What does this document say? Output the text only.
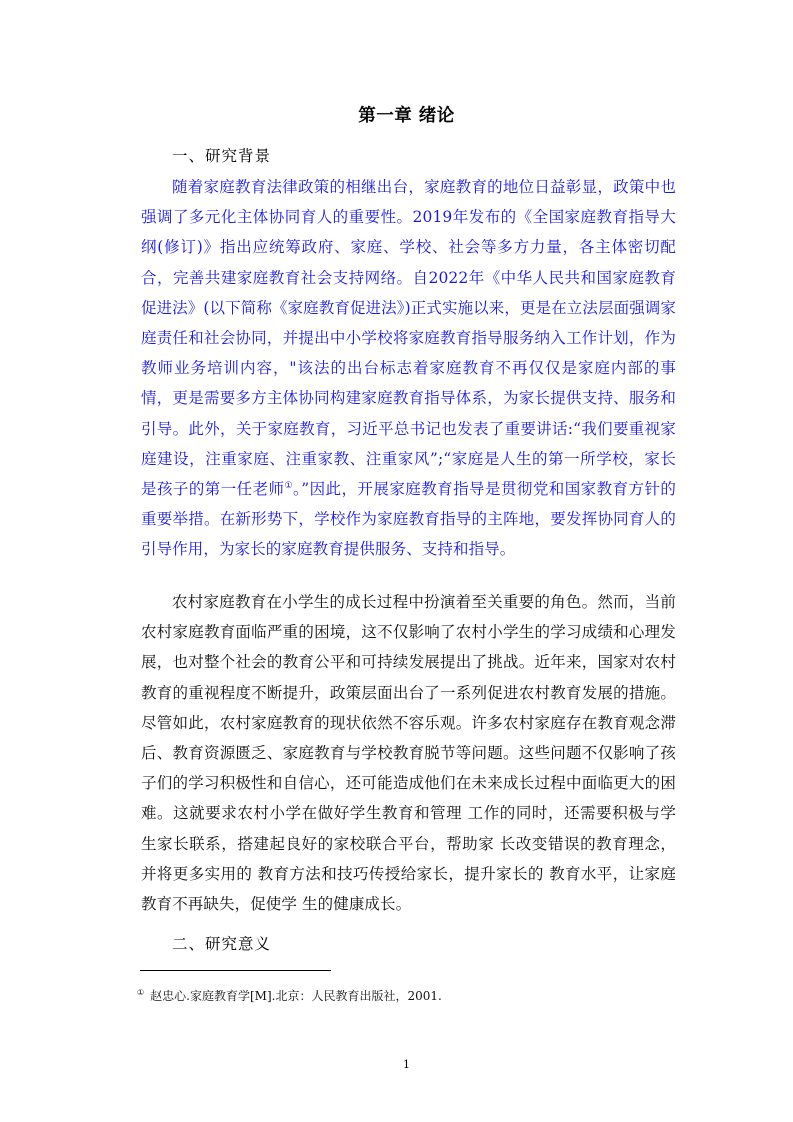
第一章 绪论
一、研究背景

随着家庭教育法律政策的相继出台，家庭教育的地位日益彰显，政策中也强调了多元化主体协同育人的重要性。2019年发布的《全国家庭教育指导大纲(修订)》指出应统筹政府、家庭、学校、社会等多方力量，各主体密切配合，完善共建家庭教育社会支持网络。自2022年《中华人民共和国家庭教育促进法》(以下简称《家庭教育促进法》)正式实施以来，更是在立法层面强调家庭责任和社会协同，并提出中小学校将家庭教育指导服务纳入工作计划，作为教师业务培训内容，"该法的出台标志着家庭教育不再仅仅是家庭内部的事情，更是需要多方主体协同构建家庭教育指导体系，为家长提供支持、服务和引导。此外，关于家庭教育，习近平总书记也发表了重要讲话:“我们要重视家庭建设，注重家庭、注重家教、注重家风”;“家庭是人生的第一所学校，家长是孩子的第一任老师①。”因此，开展家庭教育指导是贯彻党和国家教育方针的重要举措。在新形势下，学校作为家庭教育指导的主阵地，要发挥协同育人的引导作用，为家长的家庭教育提供服务、支持和指导。

农村家庭教育在小学生的成长过程中扮演着至关重要的角色。然而，当前农村家庭教育面临严重的困境，这不仅影响了农村小学生的学习成绩和心理发展，也对整个社会的教育公平和可持续发展提出了挑战。近年来，国家对农村教育的重视程度不断提升，政策层面出台了一系列促进农村教育发展的措施。尽管如此，农村家庭教育的现状依然不容乐观。许多农村家庭存在教育观念滞后、教育资源匮乏、家庭教育与学校教育脱节等问题。这些问题不仅影响了孩子们的学习积极性和自信心，还可能造成他们在未来成长过程中面临更大的困难。这就要求农村小学在做好学生教育和管理 工作的同时，还需要积极与学生家长联系，搭建起良好的家校联合平台，帮助家 长改变错误的教育理念，并将更多实用的 教育方法和技巧传授给家长，提升家长的 教育水平，让家庭教育不再缺失，促使学 生的健康成长。

二、研究意义
① 赵忠心.家庭教育学[M].北京：人民教育出版社，2001.
1
